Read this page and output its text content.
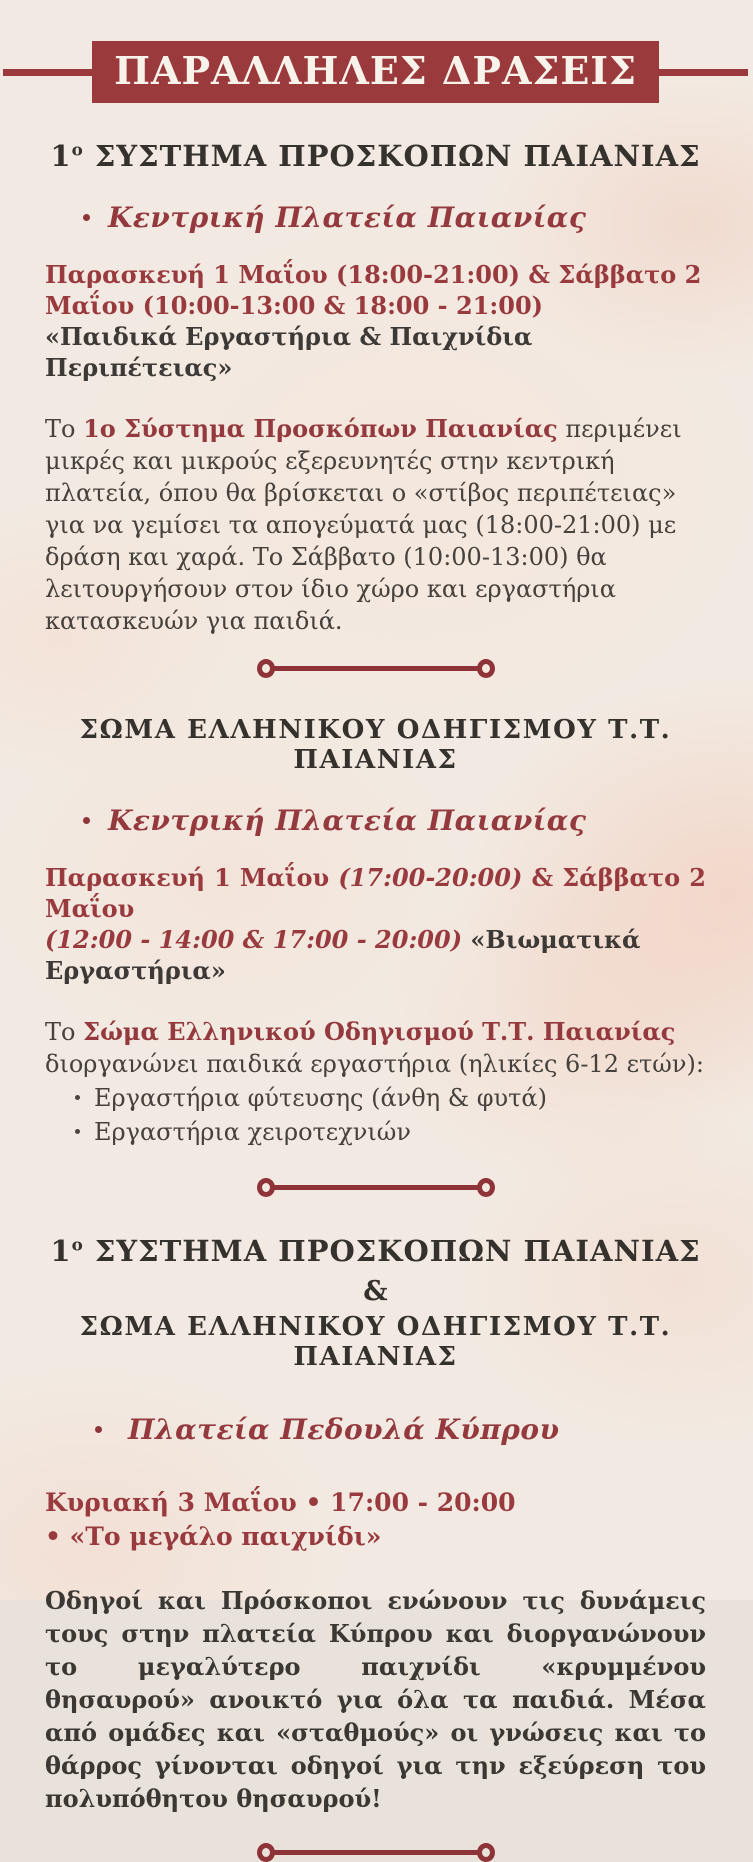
ΠΑΡΑΛΛΗΛΕΣ ΔΡΑΣΕΙΣ
$1^o$ ΣΥΣΤΗΜΑ ΠΡΟΣΚΟΠΩΝ ΠΑΙΑΝΙΑΣ
Κεντρική Πλατεία Παιανίας

Παρασκευή 1 Μαΐου (18:00-21:00) & Σάββατο 2

Μαΐου (10:00-13:00 & 18:00 - 21:00)

«Παιδικά Εργαστήρια & Παιχνίδια Περιπέτειας»

Το 1ο Σύστημα Προσκόπων Παιανίας περιμένει μικρές και μικρούς εξερευνητές στην κεντρική πλατεία, όπου θα βρίσκεται ο «στίβος περιπέτειας» για να γεμίσει τα απογεύματά μας (18:00-21:00) με δράση και χαρά. Το Σάββατο (10:00-13:00) θα λειτουργήσουν στον ίδιο χώρο και εργαστήρια κατασκευών για παιδιά.

ΣΩΜΑ ΕΛΛΗΝΙΚΟΥ ΟΔΗΓΙΣΜΟΥ Τ.Τ. ΠΑΙΑΝΙΑΣ
Κεντρική Πλατεία Παιανίας

Παρασκευή 1 Μαΐου (17:00-20:00) & Σάββατο 2 Μαΐου

(12:00 - 14:00 & 17:00 - 20:00) «Βιωματικά Εργαστήρια»

Το Σώμα Ελληνικού Οδηγισμού Τ.Τ. Παιανίας διοργανώνει παιδικά εργαστήρια (ηλικίες 6-12 ετών):

Εργαστήρια φύτευσης (άνθη & φυτά)
Εργαστήρια χειροτεχνιών
$1^o$ ΣΥΣΤΗΜΑ ΠΡΟΣΚΟΠΩΝ ΠΑΙΑΝΙΑΣ
&
ΣΩΜΑ ΕΛΛΗΝΙΚΟΥ ΟΔΗΓΙΣΜΟΥ Τ.Τ. ΠΑΙΑΝΙΑΣ
Πλατεία Πεδουλά Κύπρου

Κυριακή 3 Μαΐου • 17:00 - 20:00

• «Το μεγάλο παιχνίδι»

Οδηγοί και Πρόσκοποι ενώνουν τις δυνάμεις τους στην πλατεία Κύπρου και διοργανώνουν το μεγαλύτερο παιχνίδι «κρυμμένου θησαυρού» ανοικτό για όλα τα παιδιά. Μέσα από ομάδες και «σταθμούς» οι γνώσεις και το θάρρος γίνονται οδηγοί για την εξεύρεση του πολυπόθητου θησαυρού!
